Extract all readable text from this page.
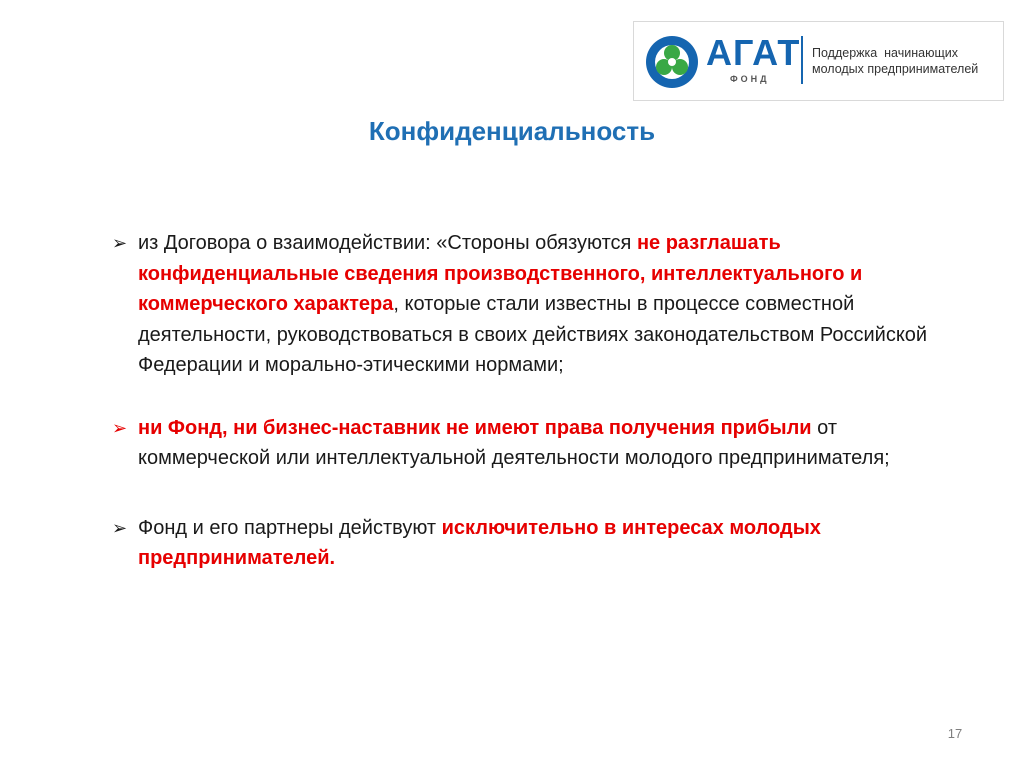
АГАТ
ФОНД
Поддержка  начинающих
молодых предпринимателей
Конфиденциальность
➢ из Договора о взаимодействии: «Стороны обязуются не разглашать конфиденциальные сведения производственного, интеллектуального и коммерческого характера, которые стали известны в процессе совместной деятельности, руководствоваться в своих действиях законодательством Российской Федерации и морально-этическими нормами;
➢ ни Фонд, ни бизнес-наставник не имеют права получения прибыли от коммерческой или интеллектуальной деятельности молодого предпринимателя;
➢ Фонд и его партнеры действуют исключительно в интересах молодых предпринимателей.
17
